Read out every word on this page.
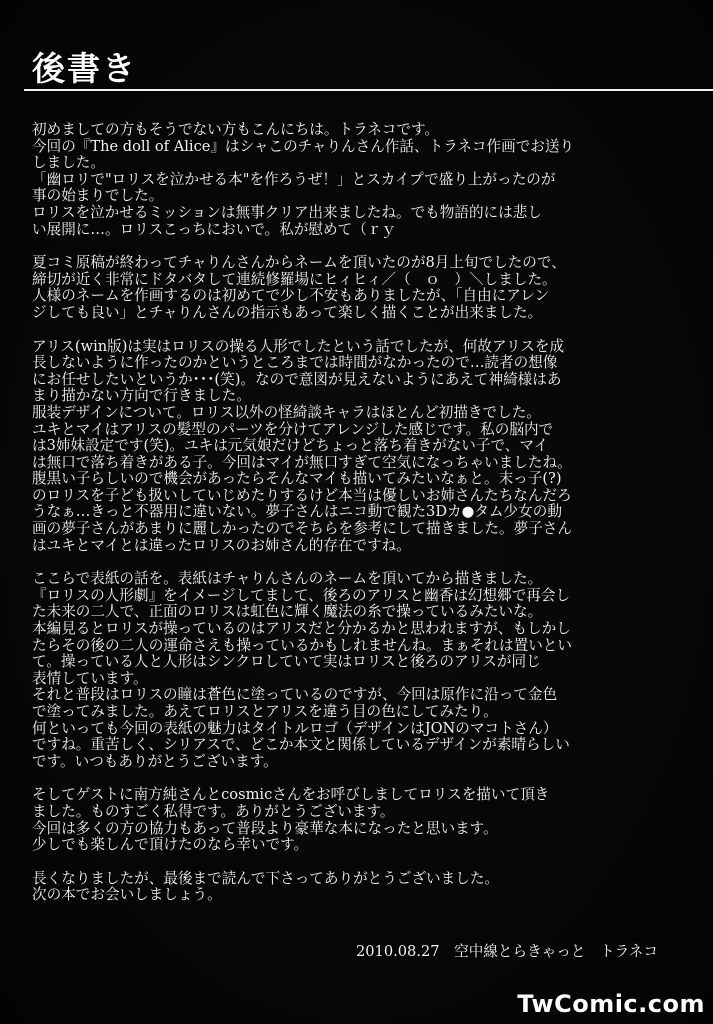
後書き
初めましての方もそうでない方もこんにちは。トラネコです。
今回の『The doll of Alice』はシャこのチャりんさん作話、トラネコ作画でお送り
しました。
「幽ロリで"ロリスを泣かせる本"を作ろうぜ！」とスカイプで盛り上がったのが
事の始まりでした。
ロリスを泣かせるミッションは無事クリア出来ましたね。でも物語的には悲し
い展開に…。ロリスこっちにおいで。私が慰めて（ｒｙ
夏コミ原稿が終わってチャりんさんからネームを頂いたのが8月上旬でしたので、
締切が近く非常にドタバタして連続修羅場にヒィヒィ／（　ｏ　）＼しました。
人様のネームを作画するのは初めてで少し不安もありましたが、「自由にアレン
ジしても良い」とチャりんさんの指示もあって楽しく描くことが出来ました。
アリス(win版)は実はロリスの操る人形でしたという話でしたが、何故アリスを成
長しないように作ったのかというところまでは時間がなかったので…読者の想像
にお任せしたいというか･･･(笑)。なので意図が見えないようにあえて神綺様はあ
まり描かない方向で行きました。
服装デザインについて。ロリス以外の怪綺談キャラはほとんど初描きでした。
ユキとマイはアリスの髪型のパーツを分けてアレンジした感じです。私の脳内で
は3姉妹設定です(笑)。ユキは元気娘だけどちょっと落ち着きがない子で、マイ
は無口で落ち着きがある子。今回はマイが無口すぎて空気になっちゃいましたね。
腹黒い子らしいので機会があったらそんなマイも描いてみたいなぁと。末っ子(?)
のロリスを子ども扱いしていじめたりするけど本当は優しいお姉さんたちなんだろ
うなぁ…きっと不器用に違いない。夢子さんはニコ動で観た3Dカ●タム少女の動
画の夢子さんがあまりに麗しかったのでそちらを参考にして描きました。夢子さん
はユキとマイとは違ったロリスのお姉さん的存在ですね。
ここらで表紙の話を。表紙はチャりんさんのネームを頂いてから描きました。
『ロリスの人形劇』をイメージしてまして、後ろのアリスと幽香は幻想郷で再会し
た未来の二人で、正面のロリスは虹色に輝く魔法の糸で操っているみたいな。
本編見るとロリスが操っているのはアリスだと分かるかと思われますが、もしかし
たらその後の二人の運命さえも操っているかもしれませんね。まぁそれは置いとい
て。操っている人と人形はシンクロしていて実はロリスと後ろのアリスが同じ
表情しています。
それと普段はロリスの瞳は蒼色に塗っているのですが、今回は原作に沿って金色
で塗ってみました。あえてロリスとアリスを違う目の色にしてみたり。
何といっても今回の表紙の魅力はタイトルロゴ（デザインはJONのマコトさん）
ですね。重苦しく、シリアスで、どこか本文と関係しているデザインが素晴らしい
です。いつもありがとうございます。
そしてゲストに南方純さんとcosmicさんをお呼びしましてロリスを描いて頂き
ました。ものすごく私得です。ありがとうございます。
今回は多くの方の協力もあって普段より豪華な本になったと思います。
少しでも楽しんで頂けたのなら幸いです。
長くなりましたが、最後まで読んで下さってありがとうございました。
次の本でお会いしましょう。
2010.08.27　空中線とらきゃっと　トラネコ
TwComic.com
